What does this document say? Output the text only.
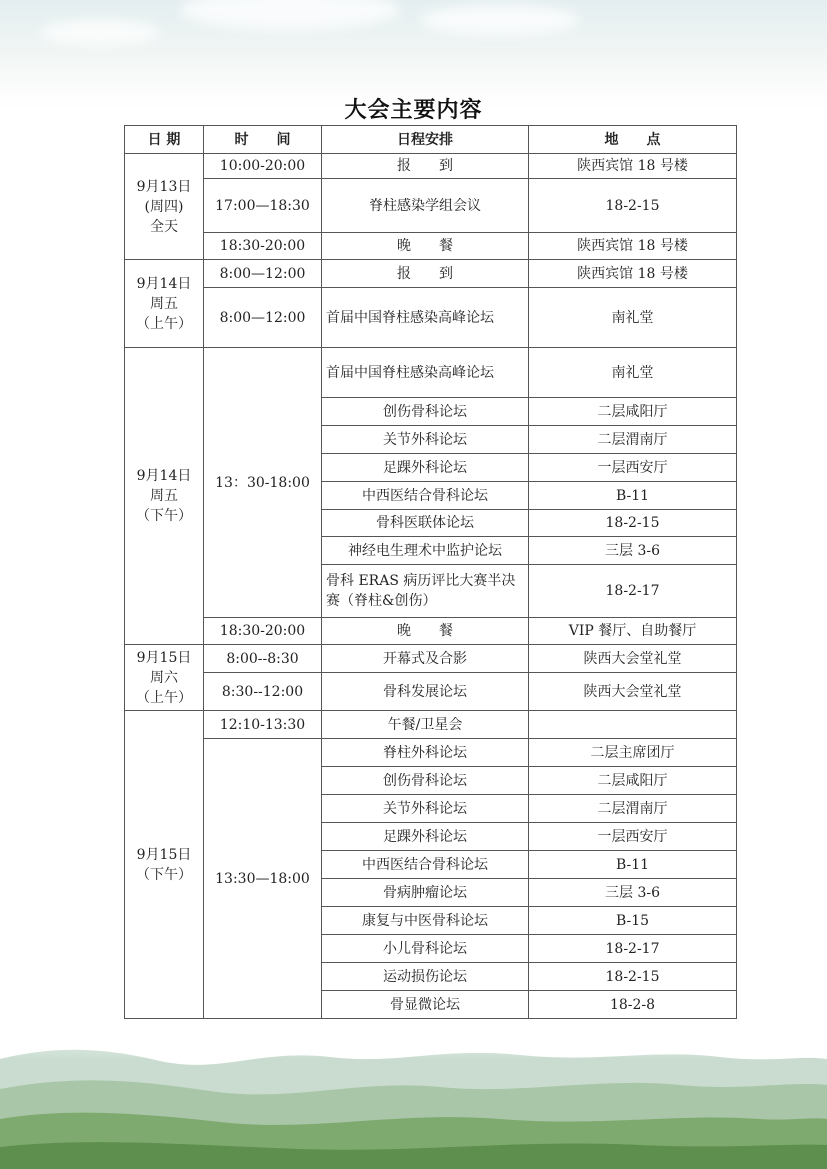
大会主要内容
日 期	时　　间	日程安排	地　　点

9月13日
(周四)
全天	10:00-20:00	报　　到	陕西宾馆 18 号楼
	17:00—18:30	脊柱感染学组会议	18-2-15
	18:30-20:00	晚　　餐	陕西宾馆 18 号楼

9月14日
周五
（上午）	8:00—12:00	报　　到	陕西宾馆 18 号楼
	8:00—12:00	首届中国脊柱感染高峰论坛	南礼堂

9月14日
周五
（下午）	13：30-18:00	首届中国脊柱感染高峰论坛	南礼堂
		创伤骨科论坛	二层咸阳厅
		关节外科论坛	二层渭南厅
		足踝外科论坛	一层西安厅
		中西医结合骨科论坛	B-11
		骨科医联体论坛	18-2-15
		神经电生理术中监护论坛	三层 3-6
		骨科 ERAS 病历评比大赛半决赛（脊柱&创伤）	18-2-17
	18:30-20:00	晚　　餐	VIP 餐厅、自助餐厅

9月15日
周六
（上午）	8:00--8:30	开幕式及合影	陕西大会堂礼堂
	8:30--12:00	骨科发展论坛	陕西大会堂礼堂

9月15日
（下午）	12:10-13:30	午餐/卫星会	
	13:30—18:00	脊柱外科论坛	二层主席团厅
		创伤骨科论坛	二层咸阳厅
		关节外科论坛	二层渭南厅
		足踝外科论坛	一层西安厅
		中西医结合骨科论坛	B-11
		骨病肿瘤论坛	三层 3-6
		康复与中医骨科论坛	B-15
		小儿骨科论坛	18-2-17
		运动损伤论坛	18-2-15
		骨显微论坛	18-2-8
